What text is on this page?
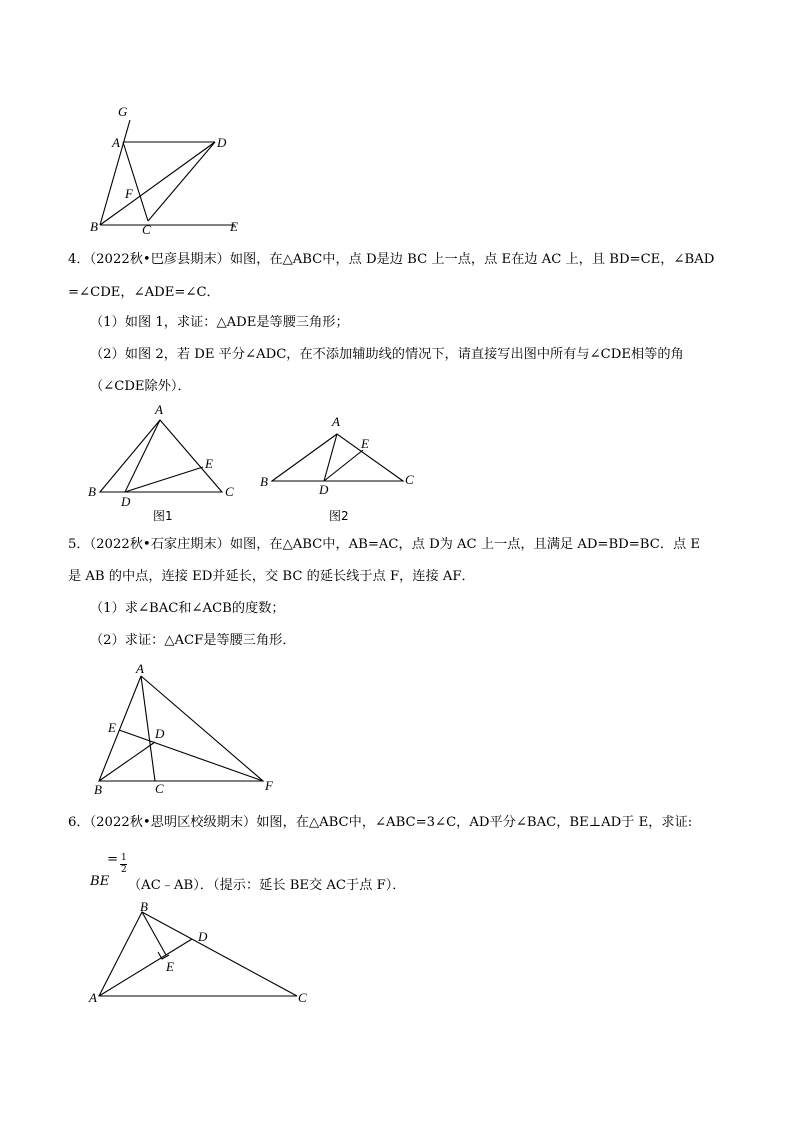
G
A	D
F
B	C	E
4．（2022秋•巴彦县期末）如图，在△ABC中，点 D是边 BC 上一点，点 E在边 AC 上，且 BD=CE，∠BAD
=∠CDE，∠ADE=∠C．
（1）如图 1，求证：△ADE是等腰三角形；
（2）如图 2，若 DE 平分∠ADC，在不添加辅助线的情况下，请直接写出图中所有与∠CDE相等的角
（∠CDE除外）．
A
B	C
D
E
图1
A
B	C
D
E
图2
5．（2022秋•石家庄期末）如图，在△ABC中，AB=AC，点 D为 AC 上一点，且满足 AD=BD=BC．点 E
是 AB 的中点，连接 ED并延长，交 BC 的延长线于点 F，连接 AF．
（1）求∠BAC和∠ACB的度数；
（2）求证：△ACF是等腰三角形．
A
E	D
B	C	F
6．（2022秋•思明区校级期末）如图，在△ABC中，∠ABC=3∠C，AD平分∠BAC，BE⊥AD于 E，求证:
BE
= 1
2
（AC﹣AB）．（提示：延长 BE交 AC于点 F）．
B
D
E
A	C
